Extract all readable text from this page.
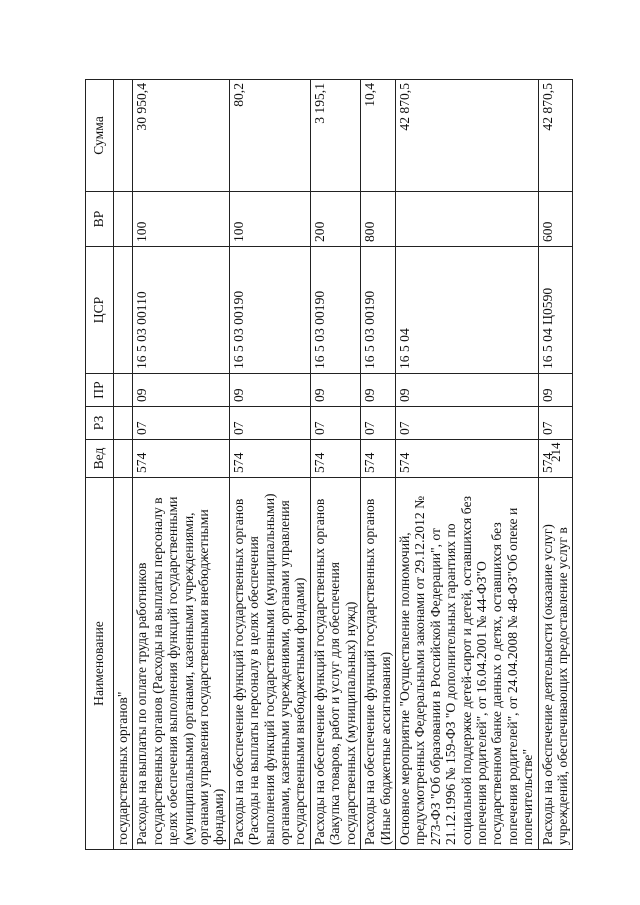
214
Наименование	Вед	РЗ	ПР	ЦСР	ВР	Сумма
государственных органов"						
Расходы на выплаты по оплате труда работников государственных органов (Расходы на выплаты персоналу в целях обеспечения выполнения функций государственными (муниципальными) органами, казенными учреждениями, органами управления государственными внебюджетными фондами)	574	07	09	16 5 03 00110	100	30 950,4
Расходы на обеспечение функций государственных органов (Расходы на выплаты персоналу в целях обеспечения выполнения функций государственными (муниципальными) органами, казенными учреждениями, органами управления государственными внебюджетными фондами)	574	07	09	16 5 03 00190	100	80,2
Расходы на обеспечение функций государственных органов (Закупка товаров, работ и услуг для обеспечения государственных (муниципальных) нужд)	574	07	09	16 5 03 00190	200	3 195,1
Расходы на обеспечение функций государственных органов (Иные бюджетные ассигнования)	574	07	09	16 5 03 00190	800	10,4
Основное мероприятие "Осуществление полномочий, предусмотренных Федеральными законами от 29.12.2012 № 273-ФЗ "Об образовании в Российской Федерации", от 21.12.1996 № 159-ФЗ "О дополнительных гарантиях по социальной поддержке детей-сирот и детей, оставшихся без попечения родителей", от 16.04.2001 № 44-ФЗ"О государственном банке данных о детях, оставшихся без попечения родителей", от 24.04.2008 № 48-ФЗ"Об опеке и попечительстве"	574	07	09	16 5 04		42 870,5
Расходы на обеспечение деятельности (оказание услуг) учреждений, обеспечивающих предоставление услуг в	574	07	09	16 5 04 Ц0590	600	42 870,5
